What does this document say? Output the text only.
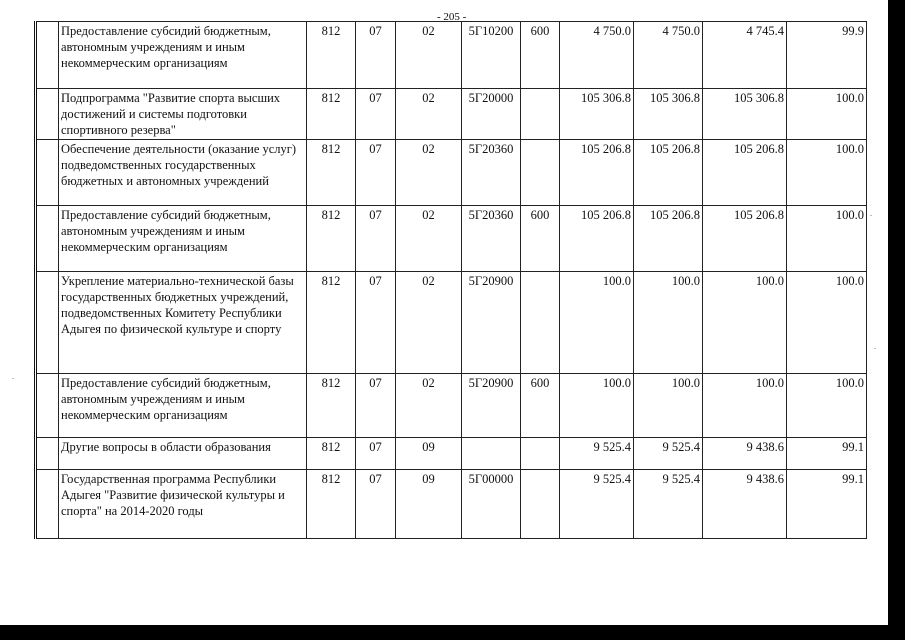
- 205 -
	Предоставление субсидий бюджетным, автономным учреждениям и иным некоммерческим организациям	812	07	02	5Г10200	600	4 750.0	4 750.0	4 745.4	99.9
	Подпрограмма "Развитие спорта высших достижений и системы подготовки спортивного резерва"	812	07	02	5Г20000		105 306.8	105 306.8	105 306.8	100.0
	Обеспечение деятельности (оказание услуг) подведомственных государственных бюджетных и автономных учреждений	812	07	02	5Г20360		105 206.8	105 206.8	105 206.8	100.0
	Предоставление субсидий бюджетным, автономным учреждениям и иным некоммерческим организациям	812	07	02	5Г20360	600	105 206.8	105 206.8	105 206.8	100.0
	Укрепление материально-технической базы государственных бюджетных учреждений, подведомственных Комитету Республики Адыгея по физической культуре и спорту	812	07	02	5Г20900		100.0	100.0	100.0	100.0
	Предоставление субсидий бюджетным, автономным учреждениям и иным некоммерческим организациям	812	07	02	5Г20900	600	100.0	100.0	100.0	100.0
	Другие вопросы в области образования	812	07	09			9 525.4	9 525.4	9 438.6	99.1
	Государственная программа Республики Адыгея "Развитие физической культуры и спорта" на 2014-2020 годы	812	07	09	5Г00000		9 525.4	9 525.4	9 438.6	99.1
